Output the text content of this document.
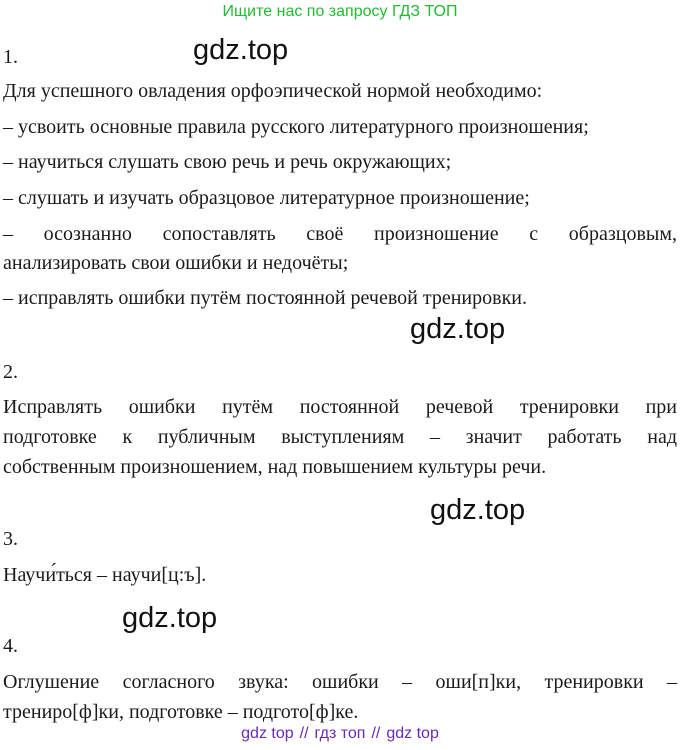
Ищите нас по запросу ГДЗ ТОП
gdz.top
gdz.top
gdz.top
gdz.top
1.
Для успешного овладения орфоэпической нормой необходимо:
– усвоить основные правила русского литературного произношения;
– научиться слушать свою речь и речь окружающих;
– слушать и изучать образцовое литературное произношение;
– осознанно сопоставлять своё произношение с образцовым,
анализировать свои ошибки и недочёты;
– исправлять ошибки путём постоянной речевой тренировки.
2.
Исправлять ошибки путём постоянной речевой тренировки при
подготовке к публичным выступлениям – значит работать над
собственным произношением, над повышением культуры речи.
3.
Научи́ться – научи[ц:ъ].
4.
Оглушение согласного звука: ошибки – оши[п]ки, тренировки –
трениро[ф]ки, подготовке – подгото[ф]ке.
gdz top // гдз топ // gdz top
